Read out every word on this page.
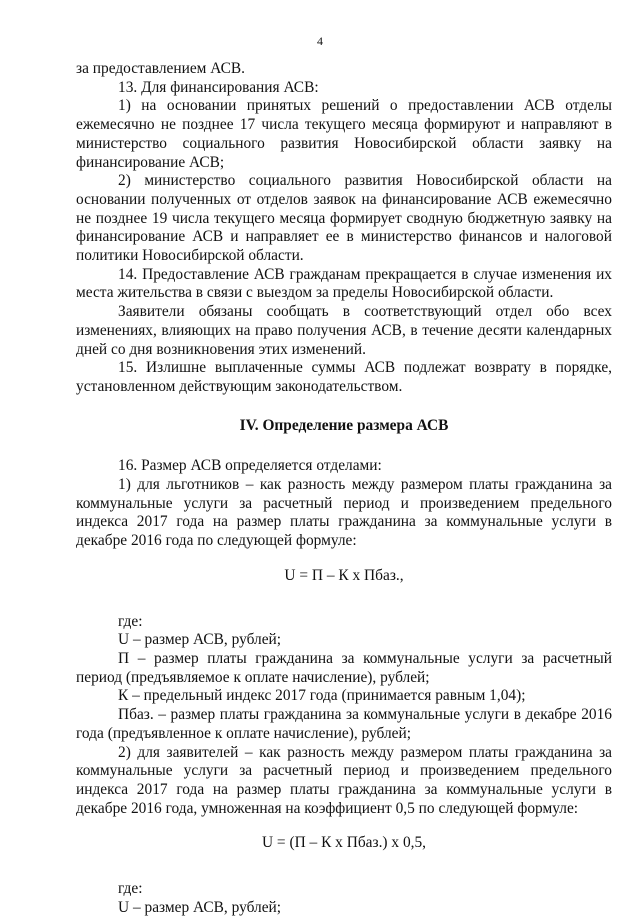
4

за предоставлением АСВ.

13. Для финансирования АСВ:

1) на основании принятых решений о предоставлении АСВ отделы ежемесячно не позднее 17 числа текущего месяца формируют и направляют в министерство социального развития Новосибирской области заявку на финансирование АСВ;

2) министерство социального развития Новосибирской области на основании полученных от отделов заявок на финансирование АСВ ежемесячно не позднее 19 числа текущего месяца формирует сводную бюджетную заявку на финансирование АСВ и направляет ее в министерство финансов и налоговой политики Новосибирской области.

14. Предоставление АСВ гражданам прекращается в случае изменения их места жительства в связи с выездом за пределы Новосибирской области.

Заявители обязаны сообщать в соответствующий отдел обо всех изменениях, влияющих на право получения АСВ, в течение десяти календарных дней со дня возникновения этих изменений.

15. Излишне выплаченные суммы АСВ подлежат возврату в порядке, установленном действующим законодательством.

IV. Определение размера АСВ

16. Размер АСВ определяется отделами:

1) для льготников – как разность между размером платы гражданина за коммунальные услуги за расчетный период и произведением предельного индекса 2017 года на размер платы гражданина за коммунальные услуги в декабре 2016 года по следующей формуле:

U = П – К х Пбаз.,

где:

U – размер АСВ, рублей;

П – размер платы гражданина за коммунальные услуги за расчетный период (предъявляемое к оплате начисление), рублей;

К – предельный индекс 2017 года (принимается равным 1,04);

Пбаз. – размер платы гражданина за коммунальные услуги в декабре 2016 года (предъявленное к оплате начисление), рублей;

2) для заявителей – как разность между размером платы гражданина за коммунальные услуги за расчетный период и произведением предельного индекса 2017 года на размер платы гражданина за коммунальные услуги в декабре 2016 года, умноженная на коэффициент 0,5 по следующей формуле:

U = (П – К х Пбаз.) х 0,5,

где:

U – размер АСВ, рублей;
